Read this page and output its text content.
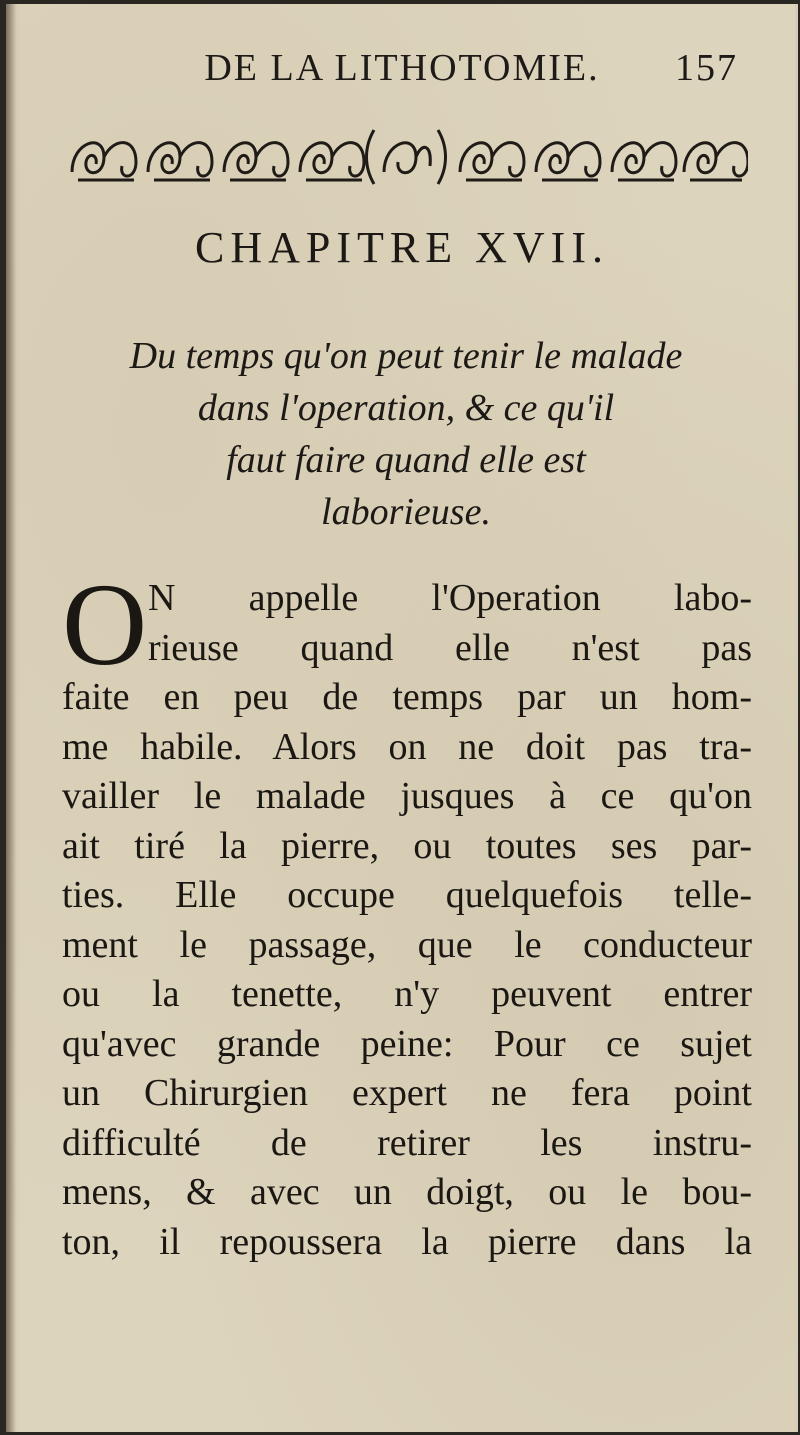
DE LA LITHOTOMIE. 157
CHAPITRE XVII.
Du temps qu'on peut tenir le malade
dans l'operation, & ce qu'il
faut faire quand elle est
laborieuse.
O N appelle l'Operation labo-
rieuse quand elle n'est pas
faite en peu de temps par un hom-
me habile. Alors on ne doit pas tra-
vailler le malade jusques à ce qu'on
ait tiré la pierre, ou toutes ses par-
ties. Elle occupe quelquefois telle-
ment le passage, que le conducteur
ou la tenette, n'y peuvent entrer
qu'avec grande peine: Pour ce sujet
un Chirurgien expert ne fera point
difficulté de retirer les instru-
mens, & avec un doigt, ou le bou-
ton, il repoussera la pierre dans la
